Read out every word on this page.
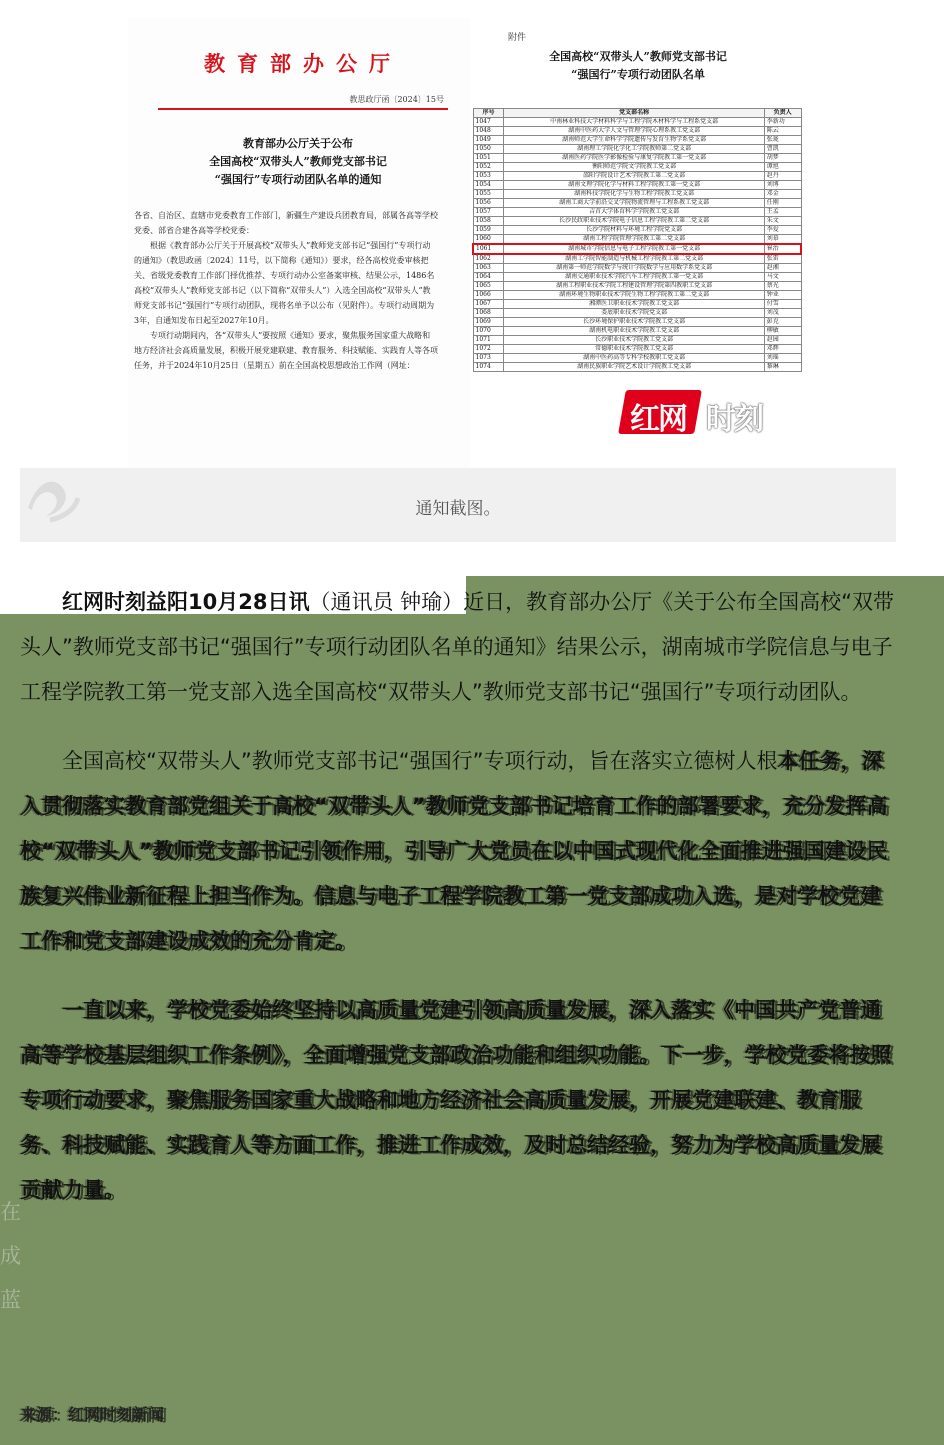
教育部办公厅
教思政厅函〔2024〕15号
教育部办公厅关于公布
全国高校“双带头人”教师党支部书记
“强国行”专项行动团队名单的通知

各省、自治区、直辖市党委教育工作部门，新疆生产建设兵团教育局，部属各高等学校党委、部省合建各高等学校党委：

根据《教育部办公厅关于开展高校“双带头人”教师党支部书记“强国行”专项行动的通知》（教思政函〔2024〕11号，以下简称《通知》）要求，经各高校党委审核把关、省级党委教育工作部门择优推荐、专项行动办公室备案审核、结果公示，1486名高校“双带头人”教师党支部书记（以下简称“双带头人”）入选全国高校“双带头人”教师党支部书记“强国行”专项行动团队，现将名单予以公布（见附件）。专项行动周期为3年，自通知发布日起至2027年10月。

专项行动期间内，各“双带头人”要按照《通知》要求，聚焦服务国家重大战略和地方经济社会高质量发展，积极开展党建联建、教育服务、科技赋能、实践育人等各项任务，并于2024年10月25日（星期五）前在全国高校思想政治工作网（网址：

附件
全国高校“双带头人”教师党支部书记
“强国行”专项行动团队名单
序号	党支部名称	负责人
1047	中南林业科技大学材料科学与工程学院木材科学与工程系党支部	李新功
1048	湖南中医药大学人文与管理学院心理系教工党支部	陈云
1049	湖南师范大学生命科学学院遗传与发育生物学系党支部	张珑
1050	湖南理工学院化学化工学院教师第二党支部	曹凯
1051	湖南医药学院医学影像检验与康复学院教工第一党支部	胡梦
1052	衡阳师范学院文学院教工党支部	谭旭
1053	邵阳学院设计艺术学院教工第二党支部	赵丹
1054	湖南文理学院化学与材料工程学院教工第一党支部	刘博
1055	湖南科技学院化学与生物工程学院教工党支部	邓金
1056	湖南工商大学前沿交叉学院物流管理与工程系教工党支部	任刚
1057	吉首大学体育科学学院教工党支部	王孟
1058	长沙民政职业技术学院电子信息工程学院教工第二党支部	朱文
1059	长沙学院材料与环境工程学院党支部	李爱
1060	湖南工程学院管理学院教工第二党支部	刘慕
1061	湖南城市学院信息与电子工程学院教工第一党支部	崔治
1062	湖南工学院智能制造与机械工程学院教工第二党支部	张雷
1063	湖南第一师范学院数学与统计学院数学与应用数学系党支部	赵湘
1064	湖南交通职业技术学院汽车工程学院教工第一党支部	马文
1065	湖南工程职业技术学院工程建设管理学院第四教职工党支部	蔡光
1066	湖南环境生物职业技术学院生物工程学院教工第二党支部	钟业
1067	湘潭医卫职业技术学院教工党支部	付雪
1068	娄底职业技术学院党支部	刘茂
1069	长沙环境保护职业技术学院教工党支部	彭克
1070	湖南机电职业技术学院教工党支部	柳敏
1071	长沙职业技术学院教工党支部	赵园
1072	常德职业技术学院教工党支部	邓辉
1073	湖南中医药高等专科学校教职工党支部	刘瑶
1074	湖南民族职业学院艺术设计学院教工党支部	黎琳
红网 时刻
通知截图。
在
成
蓝

红网时刻益阳10月28日讯（通讯员 钟瑜）近日，教育部办公厅《关于公布全国高校“双带头人”教师党支部书记“强国行”专项行动团队名单的通知》结果公示，湖南城市学院信息与电子工程学院教工第一党支部入选全国高校“双带头人”教师党支部书记“强国行”专项行动团队。

全国高校“双带头人”教师党支部书记“强国行”专项行动，旨在落实立德树人根本任务，深入贯彻落实教育部党组关于高校“双带头人”教师党支部书记培育工作的部署要求，充分发挥高校“双带头人”教师党支部书记引领作用，引导广大党员在以中国式现代化全面推进强国建设民族复兴伟业新征程上担当作为。信息与电子工程学院教工第一党支部成功入选，是对学校党建工作和党支部建设成效的充分肯定。

一直以来，学校党委始终坚持以高质量党建引领高质量发展，深入落实《中国共产党普通高等学校基层组织工作条例》，全面增强党支部政治功能和组织功能。下一步，学校党委将按照专项行动要求，聚焦服务国家重大战略和地方经济社会高质量发展，开展党建联建、教育服务、科技赋能、实践育人等方面工作，推进工作成效，及时总结经验，努力为学校高质量发展贡献力量。

来源：红网时刻新闻
